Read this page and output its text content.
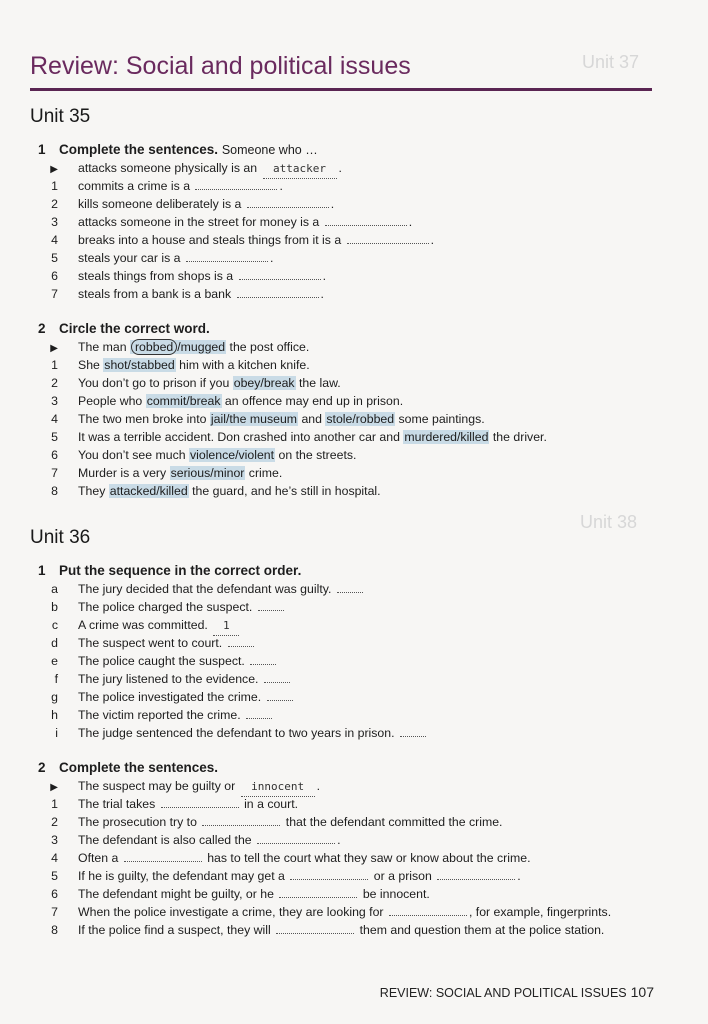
Unit 37
Unit 38
Review: Social and political issues
Unit 35
1 Complete the sentences. Someone who …
▶ attacks someone physically is an attacker .
1 commits a crime is a	.
2 kills someone deliberately is a	.
3 attacks someone in the street for money is a	.
4 breaks into a house and steals things from it is a	.
5 steals your car is a	.
6 steals things from shops is a	.
7 steals from a bank is a bank	.
2 Circle the correct word.
▶ The man robbed /mugged the post office.
1 She shot/stabbed him with a kitchen knife.
2 You don’t go to prison if you obey/break the law.
3 People who commit/break an offence may end up in prison.
4 The two men broke into jail/the museum and stole/robbed some paintings.
5 It was a terrible accident. Don crashed into another car and murdered/killed the driver.
6 You don’t see much violence/violent on the streets.
7 Murder is a very serious/minor crime.
8 They attacked/killed the guard, and he’s still in hospital.
Unit 36
1 Put the sequence in the correct order.
a The jury decided that the defendant was guilty.
b The police charged the suspect.
c A crime was committed. 1
d The suspect went to court.
e The police caught the suspect.
f The jury listened to the evidence.
g The police investigated the crime.
h The victim reported the crime.
i The judge sentenced the defendant to two years in prison.
2 Complete the sentences.
▶ The suspect may be guilty or innocent .
1 The trial takes	in a court.
2 The prosecution try to	that the defendant committed the crime.
3 The defendant is also called the	.
4 Often a	has to tell the court what they saw or know about the crime.
5 If he is guilty, the defendant may get a	or a prison	.
6 The defendant might be guilty, or he	be innocent.
7 When the police investigate a crime, they are looking for	, for example, fingerprints.
8 If the police find a suspect, they will	them and question them at the police station.
REVIEW: SOCIAL AND POLITICAL ISSUES 107
